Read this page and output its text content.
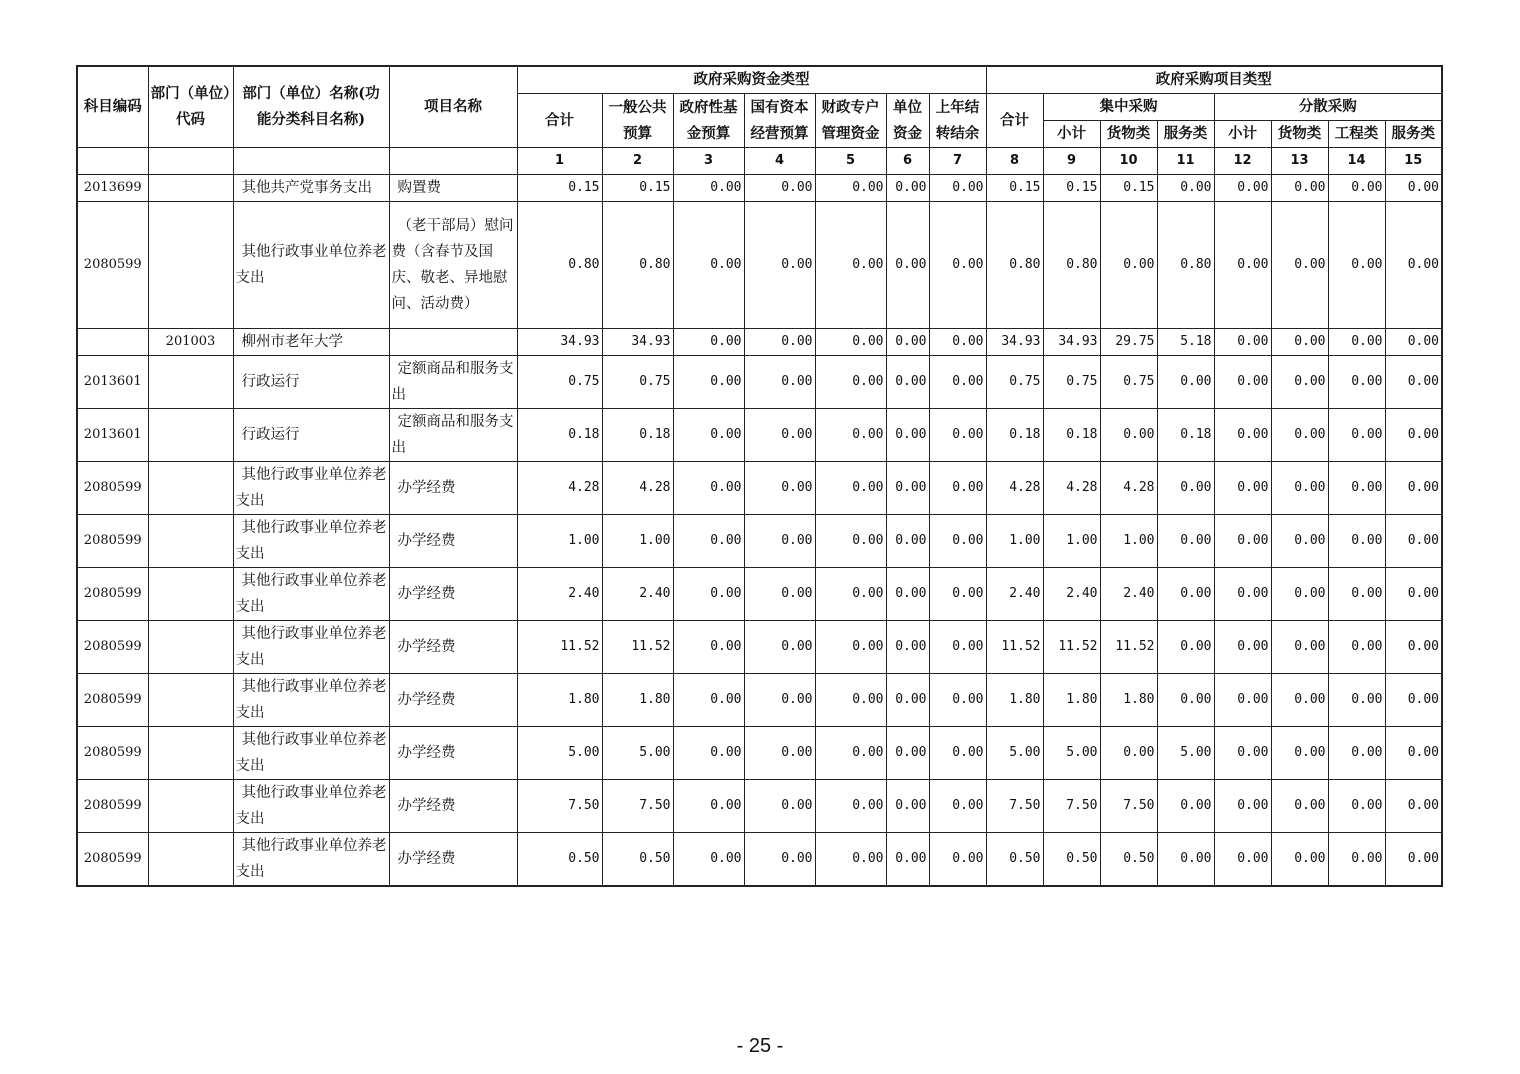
科目编码	部门（单位）代码	部门（单位）名称(功能分类科目名称)	项目名称	政府采购资金类型							政府采购项目类型							
				合计	一般公共预算	政府性基金预算	国有资本经营预算	财政专户管理资金	单位资金	上年结转结余	合计	集中采购			分散采购			
												小计	货物类	服务类	小计	货物类	工程类	服务类
				1	2	3	4	5	6	7	8	9	10	11	12	13	14	15
2013699		其他共产党事务支出	购置费	0.15	0.15	0.00	0.00	0.00	0.00	0.00	0.15	0.15	0.15	0.00	0.00	0.00	0.00	0.00
2080599		其他行政事业单位养老支出	（老干部局）慰问费（含春节及国庆、敬老、异地慰问、活动费）	0.80	0.80	0.00	0.00	0.00	0.00	0.00	0.80	0.80	0.00	0.80	0.00	0.00	0.00	0.00
	201003	柳州市老年大学		34.93	34.93	0.00	0.00	0.00	0.00	0.00	34.93	34.93	29.75	5.18	0.00	0.00	0.00	0.00
2013601		行政运行	定额商品和服务支出	0.75	0.75	0.00	0.00	0.00	0.00	0.00	0.75	0.75	0.75	0.00	0.00	0.00	0.00	0.00
2013601		行政运行	定额商品和服务支出	0.18	0.18	0.00	0.00	0.00	0.00	0.00	0.18	0.18	0.00	0.18	0.00	0.00	0.00	0.00
2080599		其他行政事业单位养老支出	办学经费	4.28	4.28	0.00	0.00	0.00	0.00	0.00	4.28	4.28	4.28	0.00	0.00	0.00	0.00	0.00
2080599		其他行政事业单位养老支出	办学经费	1.00	1.00	0.00	0.00	0.00	0.00	0.00	1.00	1.00	1.00	0.00	0.00	0.00	0.00	0.00
2080599		其他行政事业单位养老支出	办学经费	2.40	2.40	0.00	0.00	0.00	0.00	0.00	2.40	2.40	2.40	0.00	0.00	0.00	0.00	0.00
2080599		其他行政事业单位养老支出	办学经费	11.52	11.52	0.00	0.00	0.00	0.00	0.00	11.52	11.52	11.52	0.00	0.00	0.00	0.00	0.00
2080599		其他行政事业单位养老支出	办学经费	1.80	1.80	0.00	0.00	0.00	0.00	0.00	1.80	1.80	1.80	0.00	0.00	0.00	0.00	0.00
2080599		其他行政事业单位养老支出	办学经费	5.00	5.00	0.00	0.00	0.00	0.00	0.00	5.00	5.00	0.00	5.00	0.00	0.00	0.00	0.00
2080599		其他行政事业单位养老支出	办学经费	7.50	7.50	0.00	0.00	0.00	0.00	0.00	7.50	7.50	7.50	0.00	0.00	0.00	0.00	0.00
2080599		其他行政事业单位养老支出	办学经费	0.50	0.50	0.00	0.00	0.00	0.00	0.00	0.50	0.50	0.50	0.00	0.00	0.00	0.00	0.00
- 25 -
